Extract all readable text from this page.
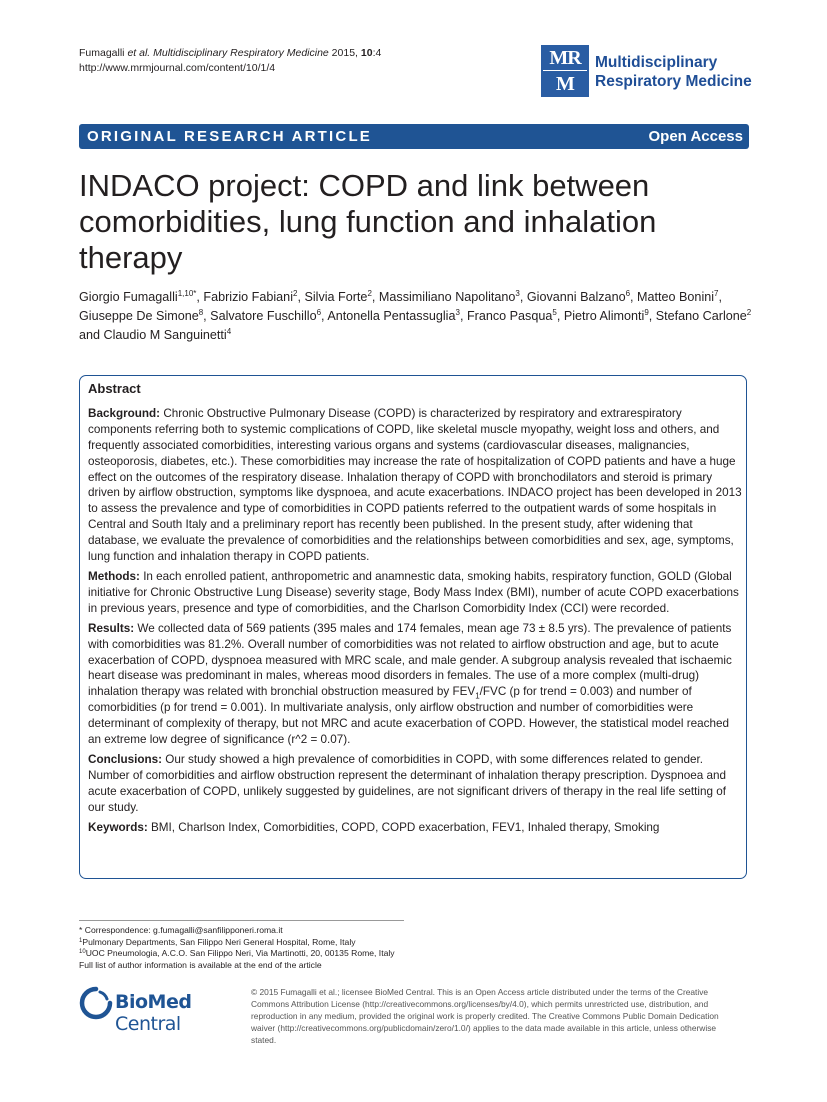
Fumagalli et al. Multidisciplinary Respiratory Medicine 2015, 10:4
http://www.mrmjournal.com/content/10/1/4	MR
M
Multidisciplinary
Respiratory Medicine
ORIGINAL RESEARCH ARTICLE	Open Access
INDACO project: COPD and link between comorbidities, lung function and inhalation therapy
Giorgio Fumagalli$^{1,10*}$, Fabrizio Fabiani$^2$, Silvia Forte$^2$, Massimiliano Napolitano$^3$, Giovanni Balzano$^6$, Matteo Bonini$^7$, Giuseppe De Simone$^8$, Salvatore Fuschillo$^6$, Antonella Pentassuglia$^3$, Franco Pasqua$^5$, Pietro Alimonti$^9$, Stefano Carlone$^2$ and Claudio M Sanguinetti$^4$
Abstract

Background: Chronic Obstructive Pulmonary Disease (COPD) is characterized by respiratory and extrarespiratory components referring both to systemic complications of COPD, like skeletal muscle myopathy, weight loss and others, and frequently associated comorbidities, interesting various organs and systems (cardiovascular diseases, malignancies, osteoporosis, diabetes, etc.). These comorbidities may increase the rate of hospitalization of COPD patients and have a huge effect on the outcomes of the respiratory disease. Inhalation therapy of COPD with bronchodilators and steroid is primary driven by airflow obstruction, symptoms like dyspnoea, and acute exacerbations. INDACO project has been developed in 2013 to assess the prevalence and type of comorbidities in COPD patients referred to the outpatient wards of some hospitals in Central and South Italy and a preliminary report has recently been published. In the present study, after widening that database, we evaluate the prevalence of comorbidities and the relationships between comorbidities and sex, age, symptoms, lung function and inhalation therapy in COPD patients.

Methods: In each enrolled patient, anthropometric and anamnestic data, smoking habits, respiratory function, GOLD (Global initiative for Chronic Obstructive Lung Disease) severity stage, Body Mass Index (BMI), number of acute COPD exacerbations in previous years, presence and type of comorbidities, and the Charlson Comorbidity Index (CCI) were recorded.

Results: We collected data of 569 patients (395 males and 174 females, mean age 73 ± 8.5 yrs). The prevalence of patients with comorbidities was 81.2%. Overall number of comorbidities was not related to airflow obstruction and age, but to acute exacerbation of COPD, dyspnoea measured with MRC scale, and male gender. A subgroup analysis revealed that ischaemic heart disease was predominant in males, whereas mood disorders in females. The use of a more complex (multi-drug) inhalation therapy was related with bronchial obstruction measured by $FEV_1$/FVC (p for trend = 0.003) and number of comorbidities (p for trend = 0.001). In multivariate analysis, only airflow obstruction and number of comorbidities were determinant of complexity of therapy, but not MRC and acute exacerbation of COPD. However, the statistical model reached an extreme low degree of significance (r^2 = 0.07).

Conclusions: Our study showed a high prevalence of comorbidities in COPD, with some differences related to gender. Number of comorbidities and airflow obstruction represent the determinant of inhalation therapy prescription. Dyspnoea and acute exacerbation of COPD, unlikely suggested by guidelines, are not significant drivers of therapy in the real life setting of our study.

Keywords: BMI, Charlson Index, Comorbidities, COPD, COPD exacerbation, FEV1, Inhaled therapy, Smoking

* Correspondence: g.fumagalli@sanfilipponeri.roma.it
$^1$Pulmonary Departments, San Filippo Neri General Hospital, Rome, Italy
$^{10}$UOC Pneumologia, A.C.O. San Filippo Neri, Via Martinotti, 20, 00135 Rome, Italy
Full list of author information is available at the end of the article
BioMed Central
© 2015 Fumagalli et al.; licensee BioMed Central. This is an Open Access article distributed under the terms of the Creative Commons Attribution License (http://creativecommons.org/licenses/by/4.0), which permits unrestricted use, distribution, and reproduction in any medium, provided the original work is properly credited. The Creative Commons Public Domain Dedication waiver (http://creativecommons.org/publicdomain/zero/1.0/) applies to the data made available in this article, unless otherwise stated.
